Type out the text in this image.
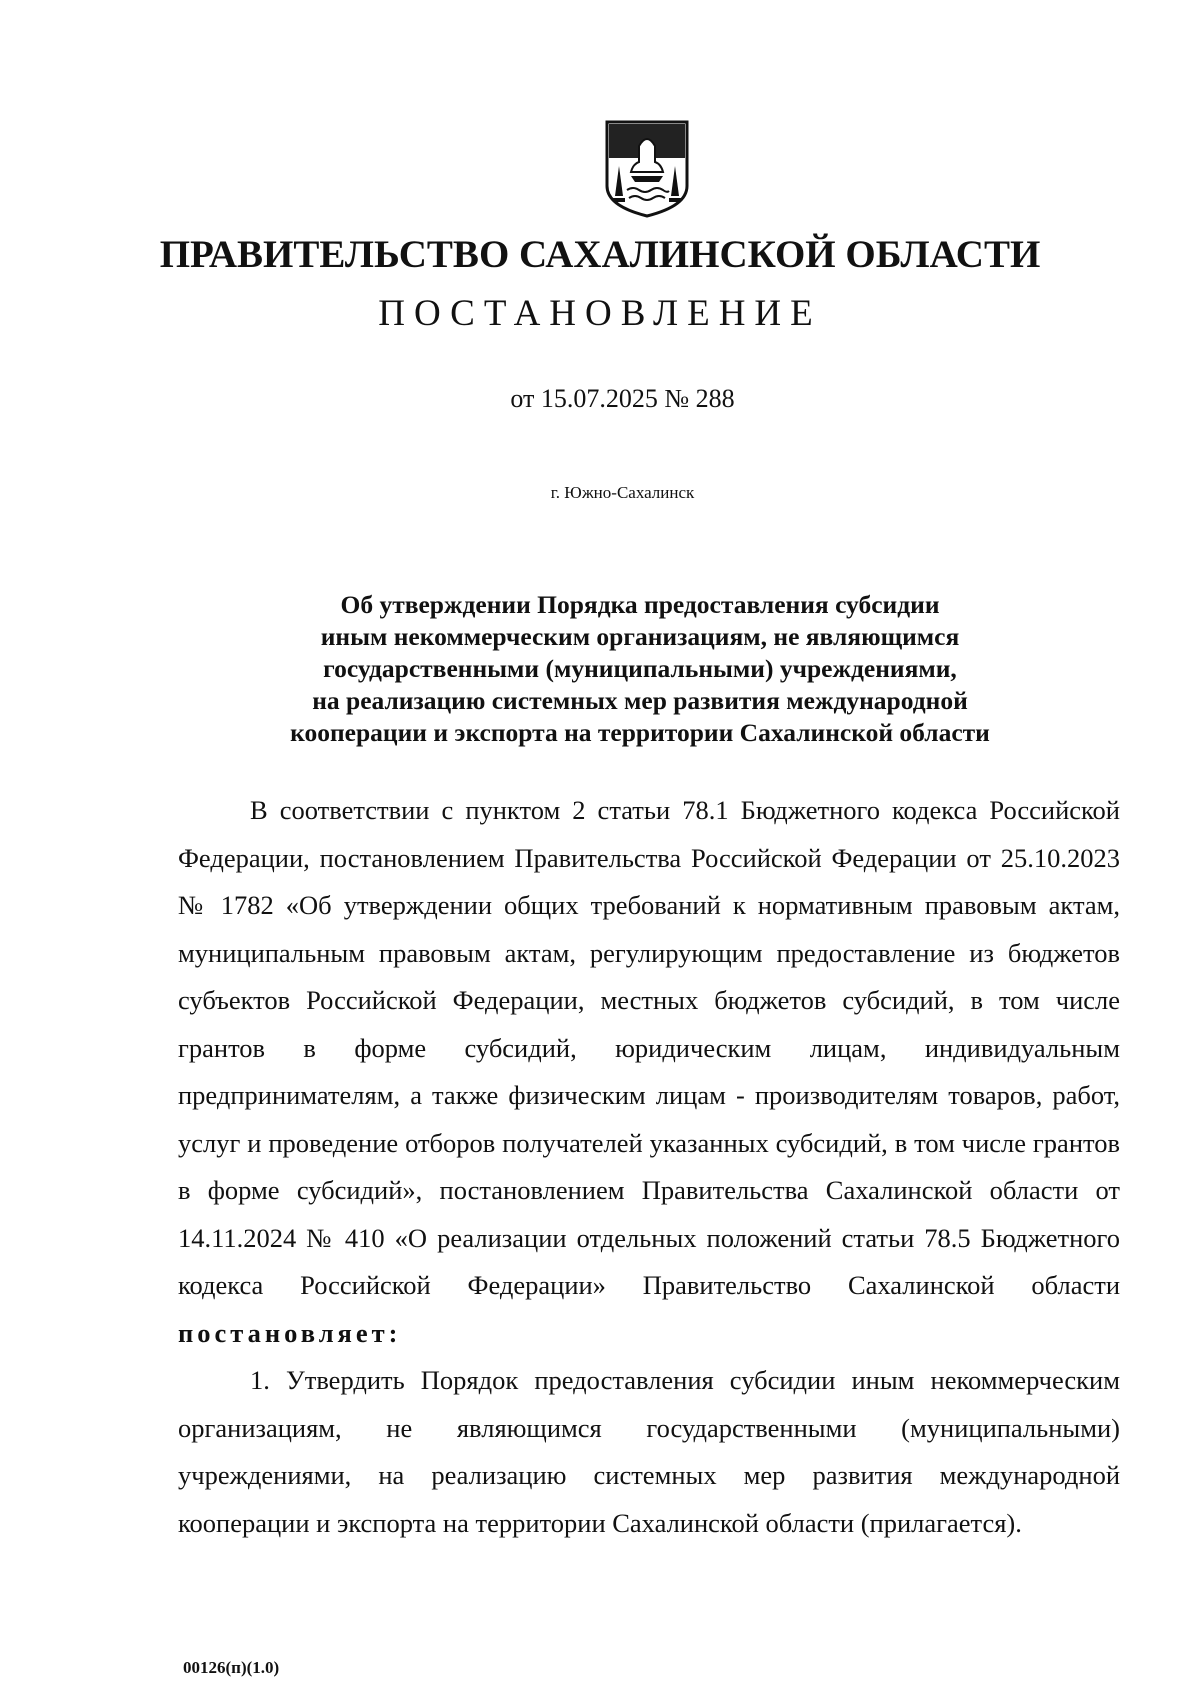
ПРАВИТЕЛЬСТВО САХАЛИНСКОЙ ОБЛАСТИ
ПОСТАНОВЛЕНИЕ
от 15.07.2025 № 288
г. Южно-Сахалинск
Об утверждении Порядка предоставления субсидии
иным некоммерческим организациям, не являющимся
государственными (муниципальными) учреждениями,
на реализацию системных мер развития международной
кооперации и экспорта на территории Сахалинской области

В соответствии с пунктом 2 статьи 78.1 Бюджетного кодекса Российской Федерации, постановлением Правительства Российской Федерации от 25.10.2023 № 1782 «Об утверждении общих требований к нормативным правовым актам, муниципальным правовым актам, регулирующим предоставление из бюджетов субъектов Российской Федерации, местных бюджетов субсидий, в том числе грантов в форме субсидий, юридическим лицам, индивидуальным предпринимателям, а также физическим лицам - производителям товаров, работ, услуг и проведение отборов получателей указанных субсидий, в том числе грантов в форме субсидий», постановлением Правительства Сахалинской области от 14.11.2024 № 410 «О реализации отдельных положений статьи 78.5 Бюджетного кодекса Российской Федерации» Правительство Сахалинской области постановляет:

1. Утвердить Порядок предоставления субсидии иным некоммерческим организациям, не являющимся государственными (муниципальными) учреждениями, на реализацию системных мер развития международной кооперации и экспорта на территории Сахалинской области (прилагается).

00126(п)(1.0)
